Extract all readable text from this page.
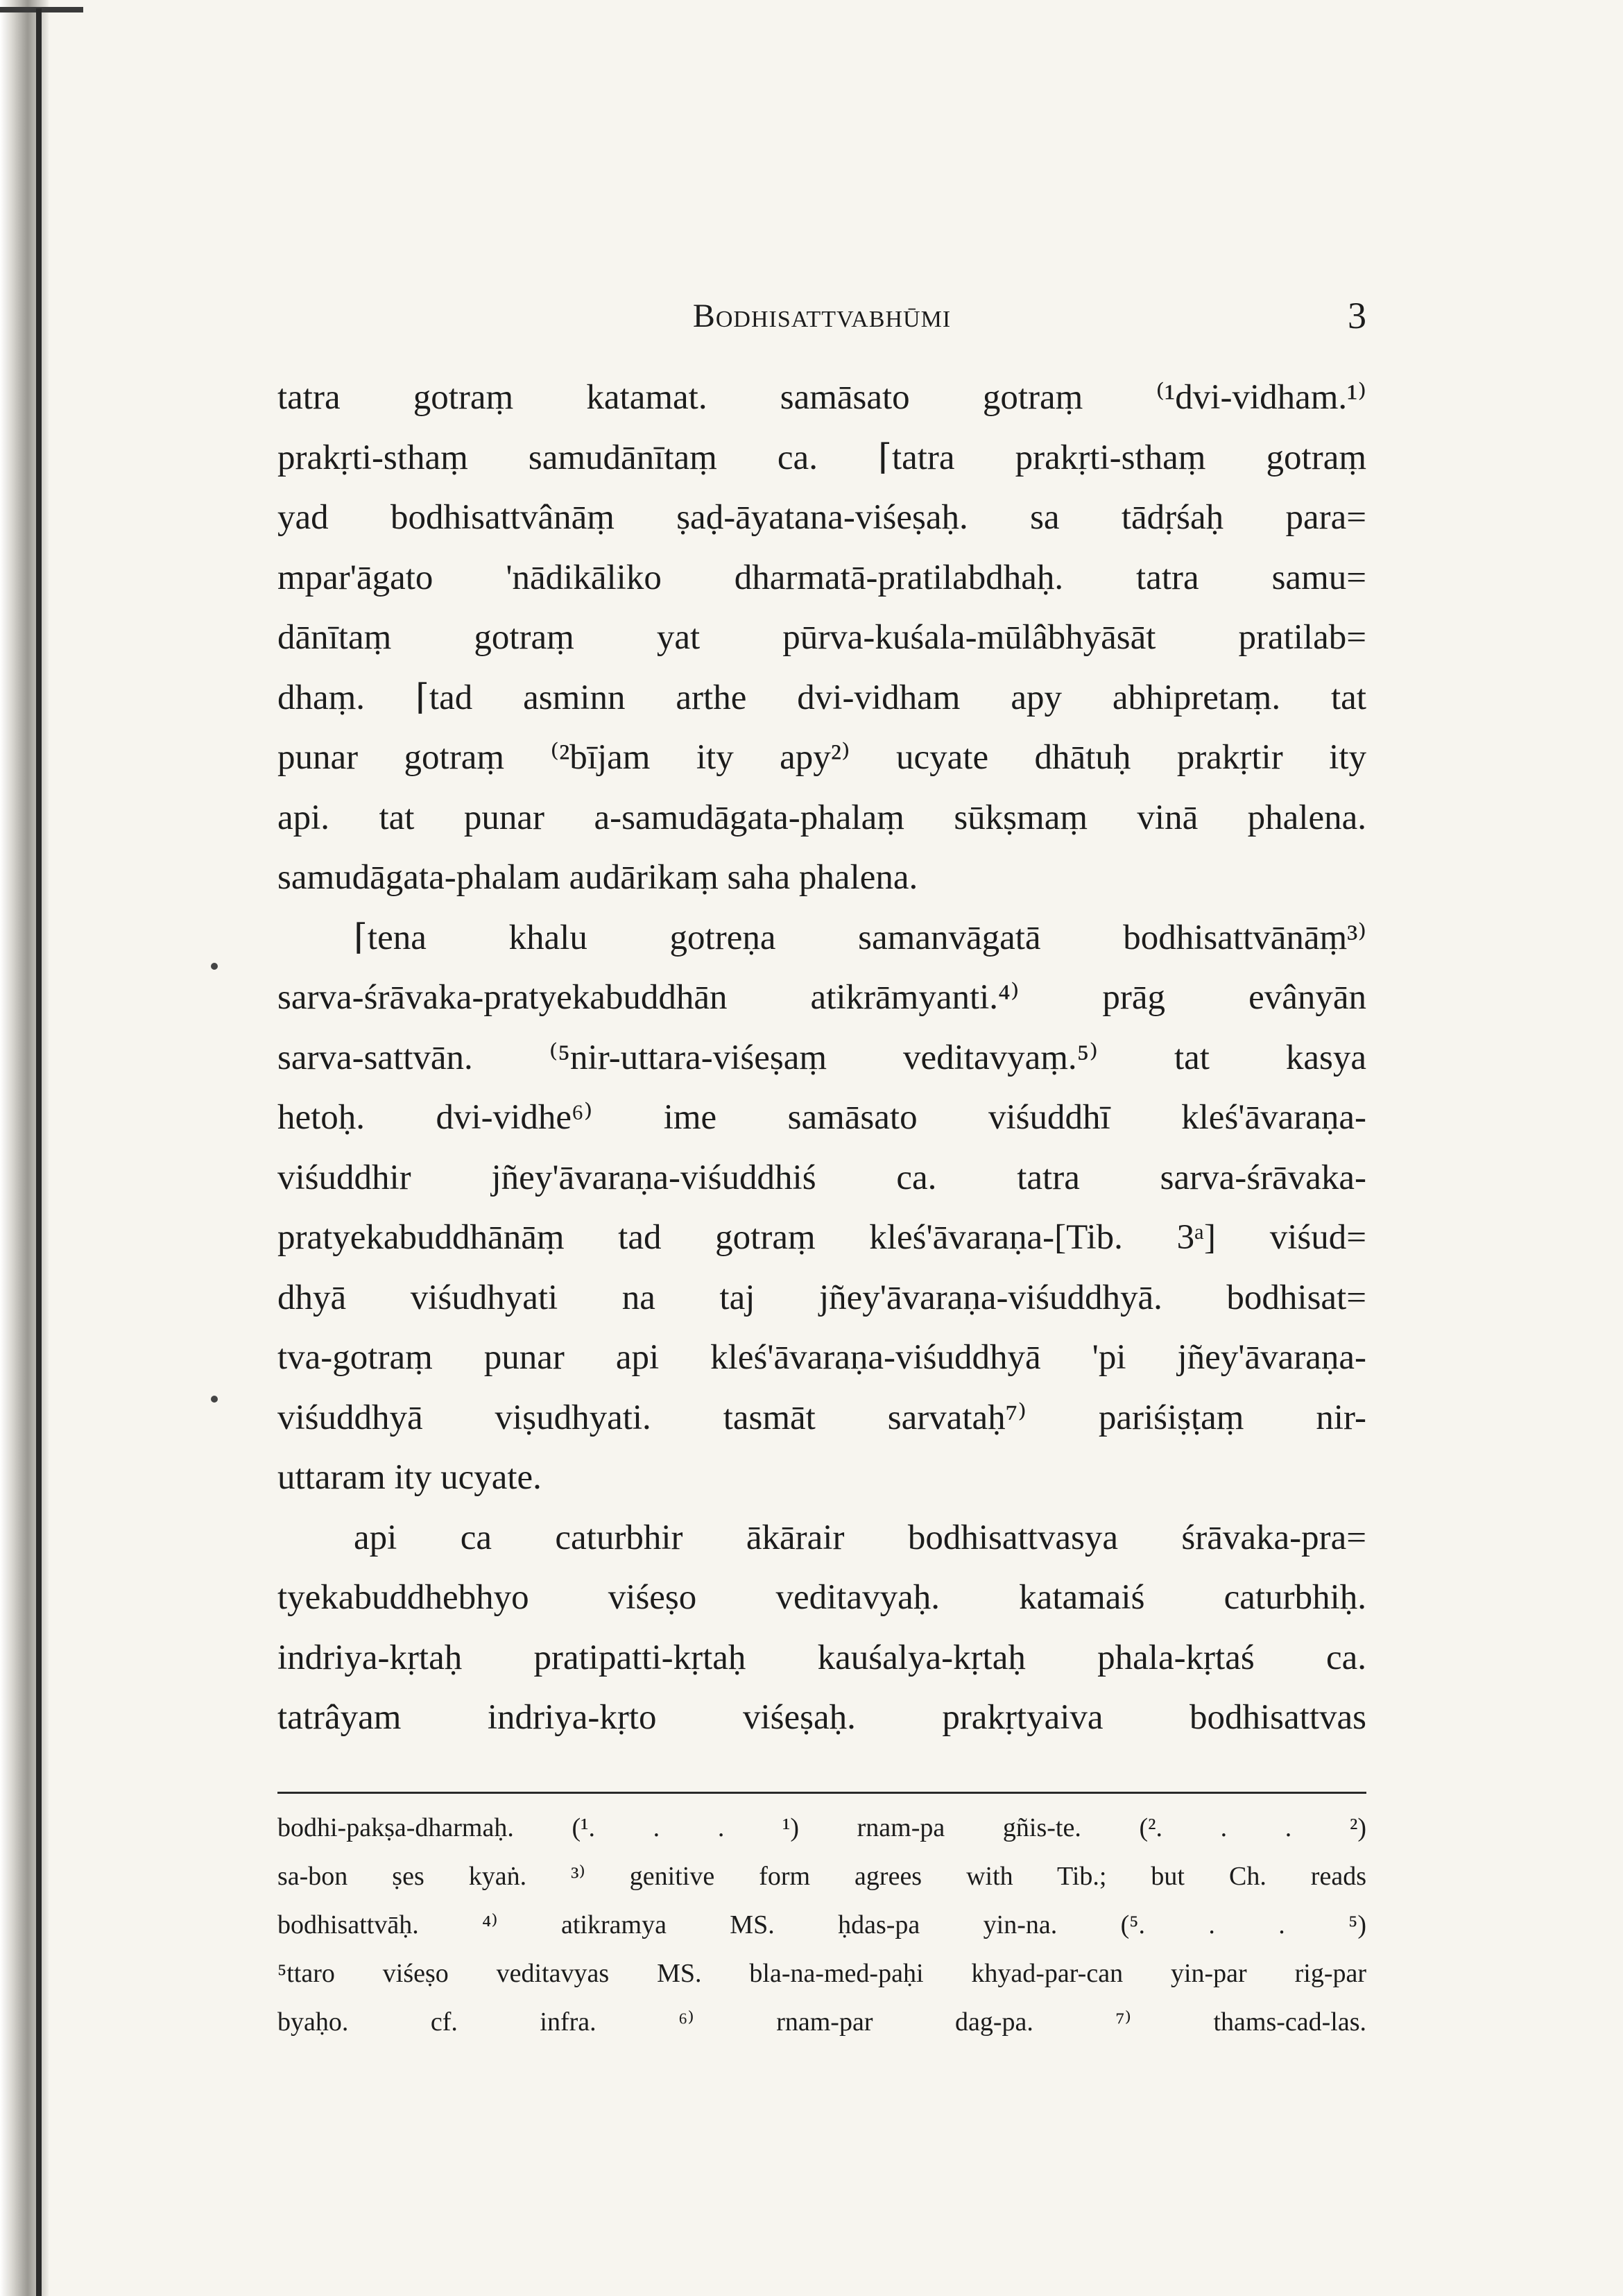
Bodhisattvabhūmi	3
tatra gotraṃ katamat. samāsato gotraṃ ⁽¹dvi-vidham.¹⁾
prakṛti-sthaṃ samudānītaṃ ca. ⌈tatra prakṛti-sthaṃ gotraṃ
yad bodhisattvânāṃ ṣaḍ-āyatana-viśeṣaḥ. sa tādṛśaḥ para=
mpar'āgato 'nādikāliko dharmatā-pratilabdhaḥ. tatra samu=
dānītaṃ gotraṃ yat pūrva-kuśala-mūlâbhyāsāt pratilab=
dhaṃ. ⌈tad asminn arthe dvi-vidham apy abhipretaṃ. tat
punar gotraṃ ⁽²bījam ity apy²⁾ ucyate dhātuḥ prakṛtir ity
api. tat punar a-samudāgata-phalaṃ sūkṣmaṃ vinā phalena.
samudāgata-phalam audārikaṃ saha phalena.
⌈tena khalu gotreṇa samanvāgatā bodhisattvānāṃ³⁾
sarva-śrāvaka-pratyekabuddhān atikrāmyanti.⁴⁾ prāg evânyān
sarva-sattvān. ⁽⁵nir-uttara-viśeṣaṃ veditavyaṃ.⁵⁾ tat kasya
hetoḥ. dvi-vidhe⁶⁾ ime samāsato viśuddhī kleś'āvaraṇa-
viśuddhir jñey'āvaraṇa-viśuddhiś ca. tatra sarva-śrāvaka-
pratyekabuddhānāṃ tad gotraṃ kleś'āvaraṇa-[Tib. 3ᵃ] viśud=
dhyā viśudhyati na taj jñey'āvaraṇa-viśuddhyā. bodhisat=
tva-gotraṃ punar api kleś'āvaraṇa-viśuddhyā 'pi jñey'āvaraṇa-
viśuddhyā viṣudhyati. tasmāt sarvataḥ⁷⁾ pariśiṣṭaṃ nir-
uttaram ity ucyate.
api ca caturbhir ākārair bodhisattvasya śrāvaka-pra=
tyekabuddhebhyo viśeṣo veditavyaḥ. katamaiś caturbhiḥ.
indriya-kṛtaḥ pratipatti-kṛtaḥ kauśalya-kṛtaḥ phala-kṛtaś ca.
tatrâyam indriya-kṛto viśeṣaḥ. prakṛtyaiva bodhisattvas
bodhi-pakṣa-dharmaḥ. (¹. . . ¹) rnam-pa gñis-te. (². . . ²)
sa-bon ṣes kyaṅ. ³⁾ genitive form agrees with Tib.; but Ch. reads
bodhisattvāḥ. ⁴⁾ atikramya MS. ḥdas-pa yin-na. (⁵. . . ⁵)
⁵ttaro viśeṣo veditavyas MS. bla-na-med-paḥi khyad-par-can yin-par rig-par
byaḥo. cf. infra. ⁶⁾ rnam-par dag-pa. ⁷⁾ thams-cad-las.
